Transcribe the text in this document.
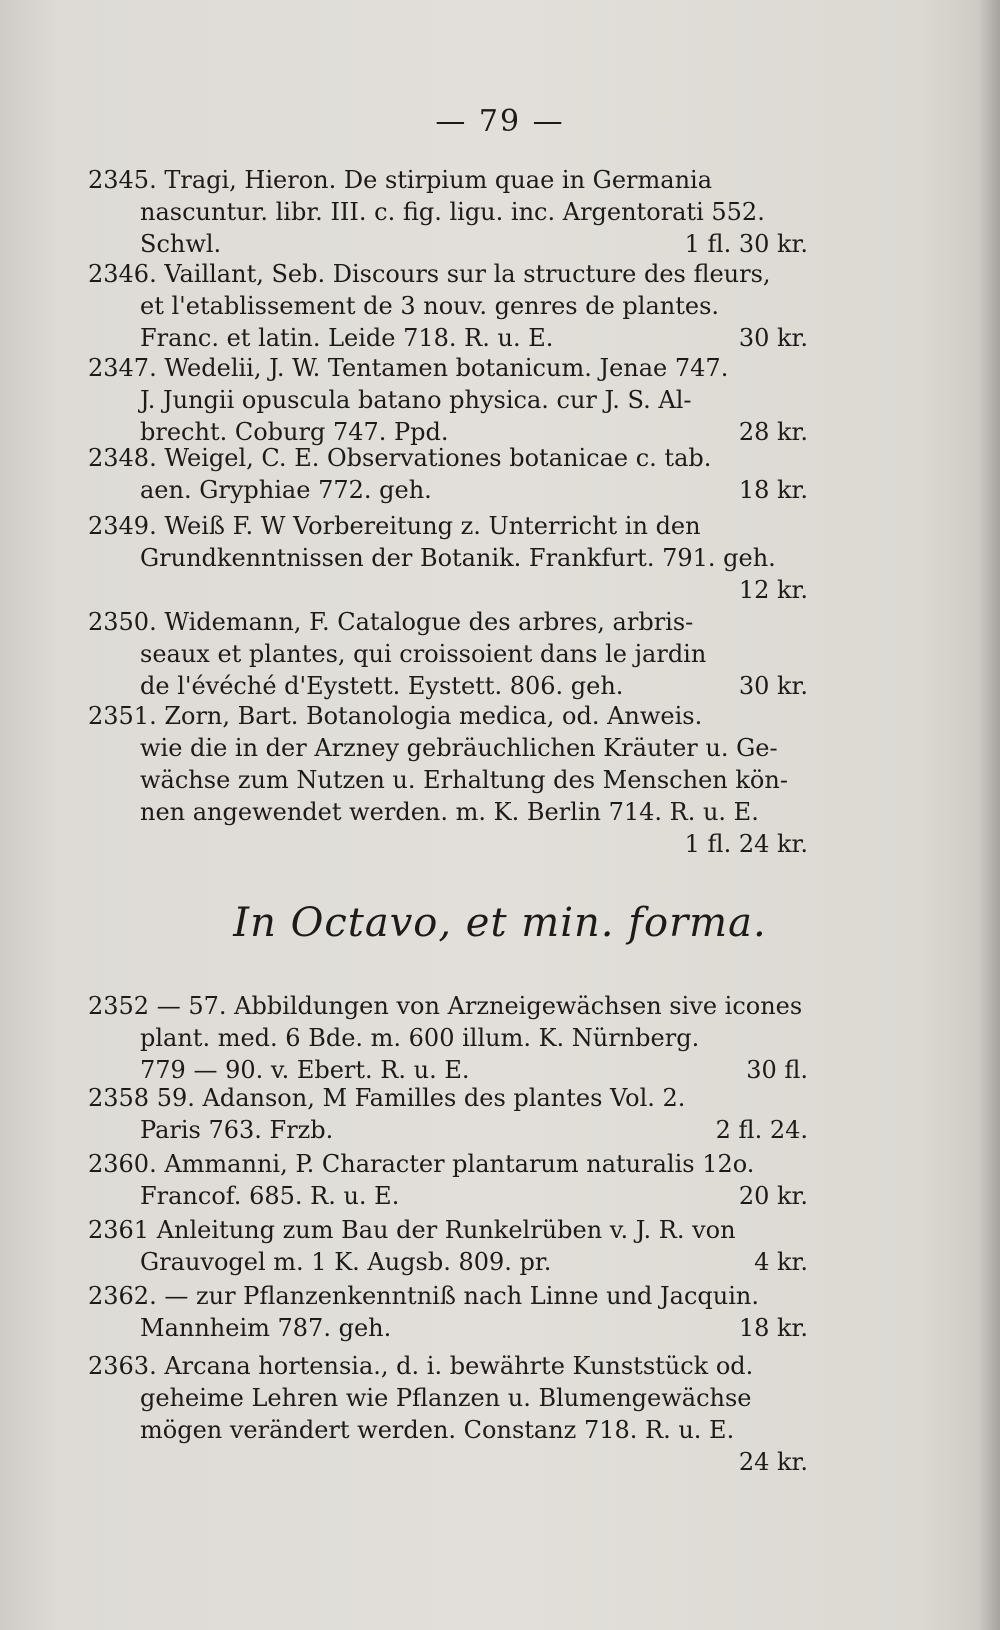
— 79 —
2345. Tragi, Hieron. De stirpium quae in Germania
nascuntur. libr. III. c. fig. ligu. inc. Argentorati 552.
Schwl.	1 fl. 30 kr.
2346. Vaillant, Seb. Discours sur la structure des fleurs,
et l'etablissement de 3 nouv. genres de plantes.
Franc. et latin. Leide 718. R. u. E.	30 kr.
2347. Wedelii, J. W. Tentamen botanicum. Jenae 747.
J. Jungii opuscula batano physica. cur J. S. Al-
brecht. Coburg 747. Ppd.	28 kr.
2348. Weigel, C. E. Observationes botanicae c. tab.
aen. Gryphiae 772. geh.	18 kr.
2349. Weiß F. W Vorbereitung z. Unterricht in den
Grundkenntnissen der Botanik. Frankfurt. 791. geh.
12 kr.
2350. Widemann, F. Catalogue des arbres, arbris-
seaux et plantes, qui croissoient dans le jardin
de l'évéché d'Eystett. Eystett. 806. geh.	30 kr.
2351. Zorn, Bart. Botanologia medica, od. Anweis.
wie die in der Arzney gebräuchlichen Kräuter u. Ge-
wächse zum Nutzen u. Erhaltung des Menschen kön-
nen angewendet werden. m. K. Berlin 714. R. u. E.
1 fl. 24 kr.
In Octavo, et min. forma.
2352 — 57. Abbildungen von Arzneigewächsen sive icones
plant. med. 6 Bde. m. 600 illum. K. Nürnberg.
779 — 90. v. Ebert. R. u. E.	30 fl.
2358 59. Adanson, M Familles des plantes Vol. 2.
Paris 763. Frzb.	2 fl. 24.
2360. Ammanni, P. Character plantarum naturalis 12o.
Francof. 685. R. u. E.	20 kr.
2361 Anleitung zum Bau der Runkelrüben v. J. R. von
Grauvogel m. 1 K. Augsb. 809. pr.	4 kr.
2362. — zur Pflanzenkenntniß nach Linne und Jacquin.
Mannheim 787. geh.	18 kr.
2363. Arcana hortensia., d. i. bewährte Kunststück od.
geheime Lehren wie Pflanzen u. Blumengewächse
mögen verändert werden. Constanz 718. R. u. E.
24 kr.
